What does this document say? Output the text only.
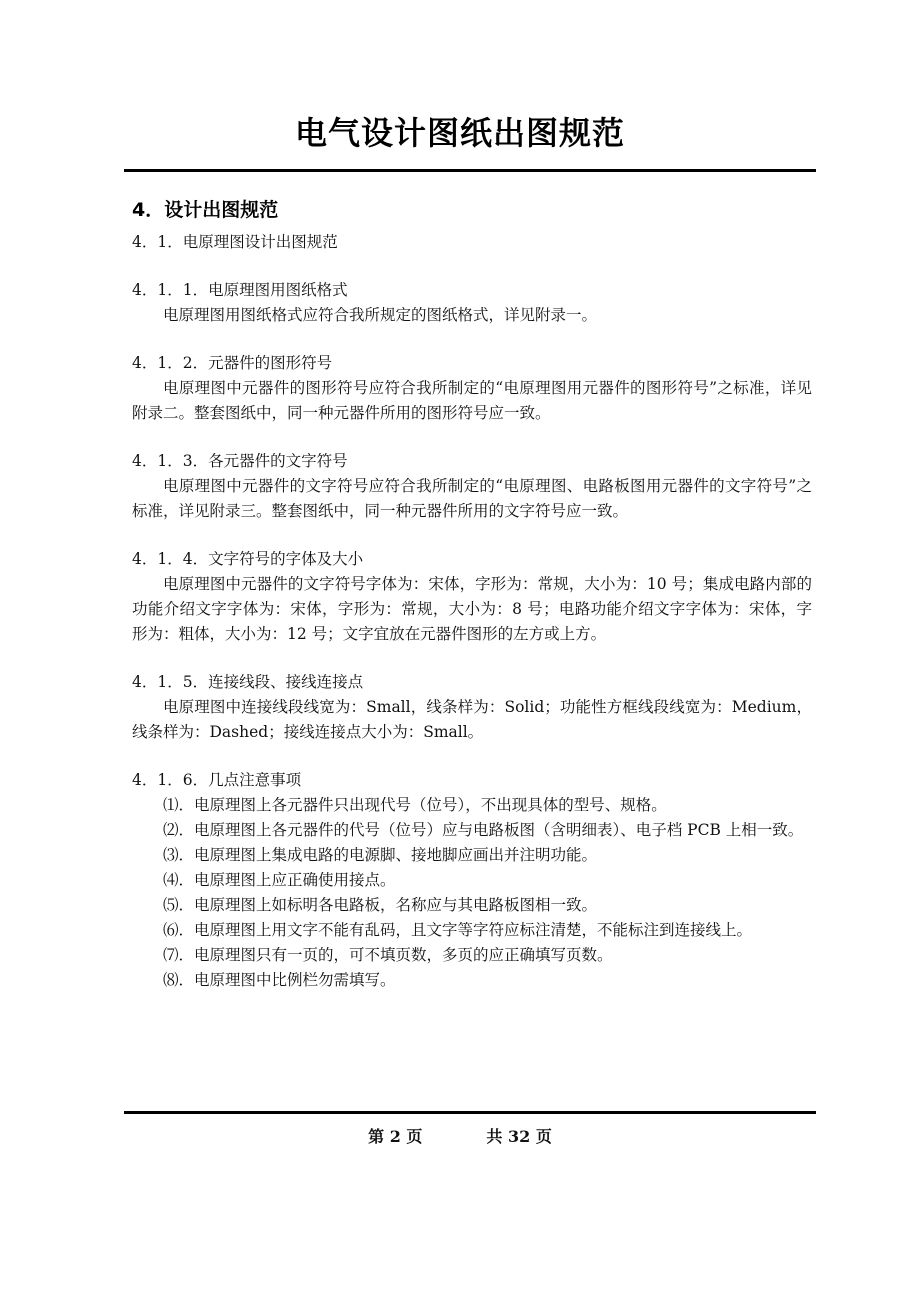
电气设计图纸出图规范
4．设计出图规范

4．1．电原理图设计出图规范

4．1．1．电原理图用图纸格式

电原理图用图纸格式应符合我所规定的图纸格式，详见附录一。

4．1．2．元器件的图形符号

电原理图中元器件的图形符号应符合我所制定的“电原理图用元器件的图形符号”之标准，详见附录二。整套图纸中，同一种元器件所用的图形符号应一致。

4．1．3．各元器件的文字符号

电原理图中元器件的文字符号应符合我所制定的“电原理图、电路板图用元器件的文字符号”之标准，详见附录三。整套图纸中，同一种元器件所用的文字符号应一致。

4．1．4．文字符号的字体及大小

电原理图中元器件的文字符号字体为：宋体，字形为：常规，大小为：10 号；集成电路内部的功能介绍文字字体为：宋体，字形为：常规，大小为：8 号；电路功能介绍文字字体为：宋体，字形为：粗体，大小为：12 号；文字宜放在元器件图形的左方或上方。

4．1．5．连接线段、接线连接点

电原理图中连接线段线宽为：Small，线条样为：Solid；功能性方框线段线宽为：Medium，线条样为：Dashed；接线连接点大小为：Small。

4．1．6．几点注意事项

⑴．电原理图上各元器件只出现代号（位号），不出现具体的型号、规格。

⑵．电原理图上各元器件的代号（位号）应与电路板图（含明细表）、电子档 PCB 上相一致。

⑶．电原理图上集成电路的电源脚、接地脚应画出并注明功能。

⑷．电原理图上应正确使用接点。

⑸．电原理图上如标明各电路板，名称应与其电路板图相一致。

⑹．电原理图上用文字不能有乱码，且文字等字符应标注清楚，不能标注到连接线上。

⑺．电原理图只有一页的，可不填页数，多页的应正确填写页数。

⑻．电原理图中比例栏勿需填写。

第 2 页	共 32 页
